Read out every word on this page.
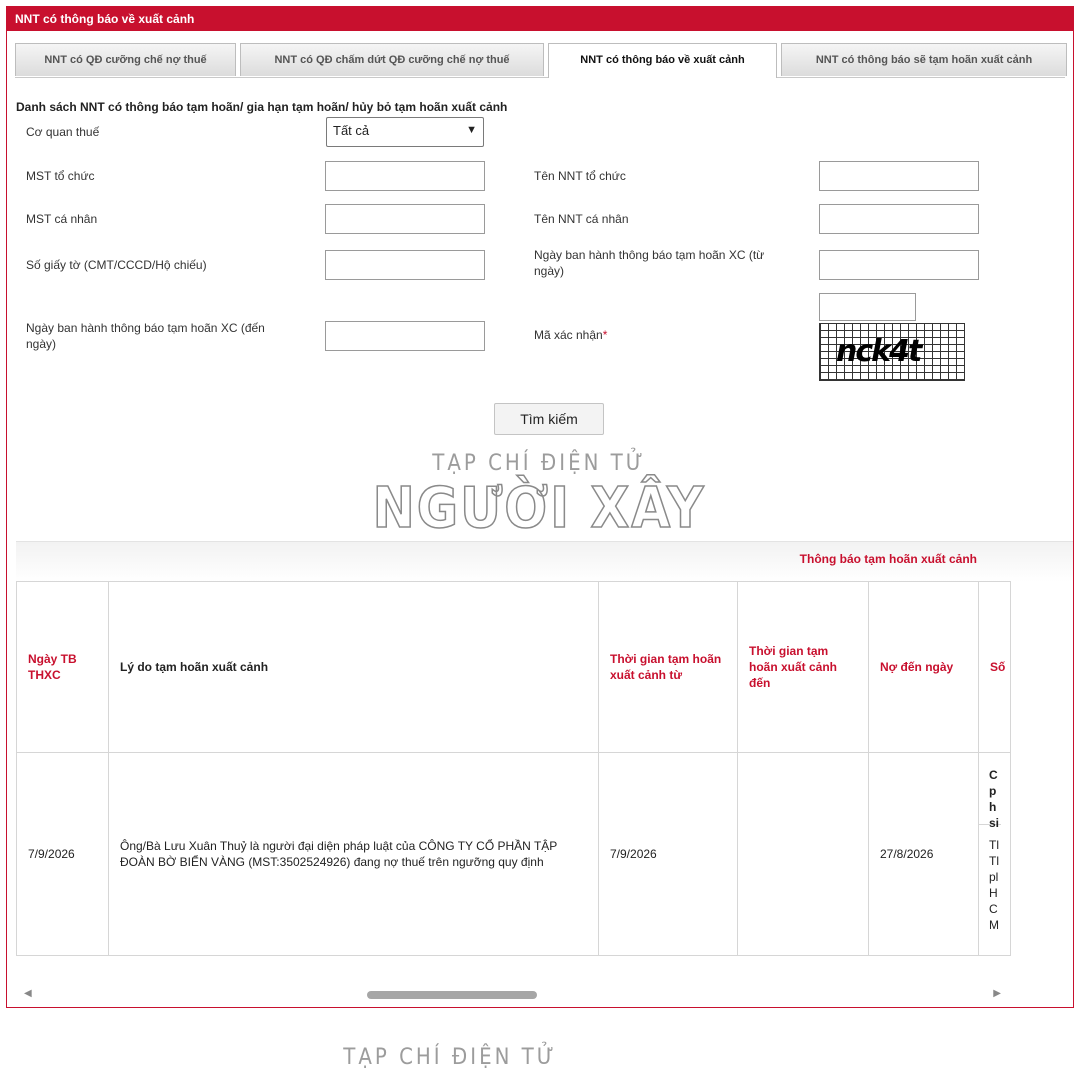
NNT có thông báo về xuất cảnh
NNT có QĐ cưỡng chế nợ thuế	NNT có QĐ chấm dứt QĐ cưỡng chế nợ thuế	NNT có thông báo về xuất cảnh	NNT có thông báo sẽ tạm hoãn xuất cảnh
Danh sách NNT có thông báo tạm hoãn/ gia hạn tạm hoãn/ hủy bỏ tạm hoãn xuất cảnh
Cơ quan thuế	Tất cả	▼
MST tổ chức	Tên NNT tổ chức
MST cá nhân	Tên NNT cá nhân
Số giấy tờ (CMT/CCCD/Hộ chiếu)
Ngày ban hành thông báo tạm hoãn XC (từ ngày)
Ngày ban hành thông báo tạm hoãn XC (đến ngày)
Mã xác nhận*	nck4t
Tìm kiếm
TẠP CHÍ ĐIỆN TỬ
NGƯỜI XÂY
Thông báo tạm hoãn xuất cảnh
Ngày TB THXC	Lý do tạm hoãn xuất cảnh	Thời gian tạm hoãn xuất cảnh từ	Thời gian tạm hoãn xuất cảnh đến	Nợ đến ngày	Số
7/9/2026	Ông/Bà Lưu Xuân Thuỷ là người đại diện pháp luật của CÔNG TY CỔ PHẦN TẬP ĐOÀN BỜ BIỂN VÀNG (MST:3502524926) đang nợ thuế trên ngưỡng quy định	7/9/2026		27/8/2026	C ph si
Tl Tl pl H C M
◀	▶
TẠP CHÍ ĐIỆN TỬ
